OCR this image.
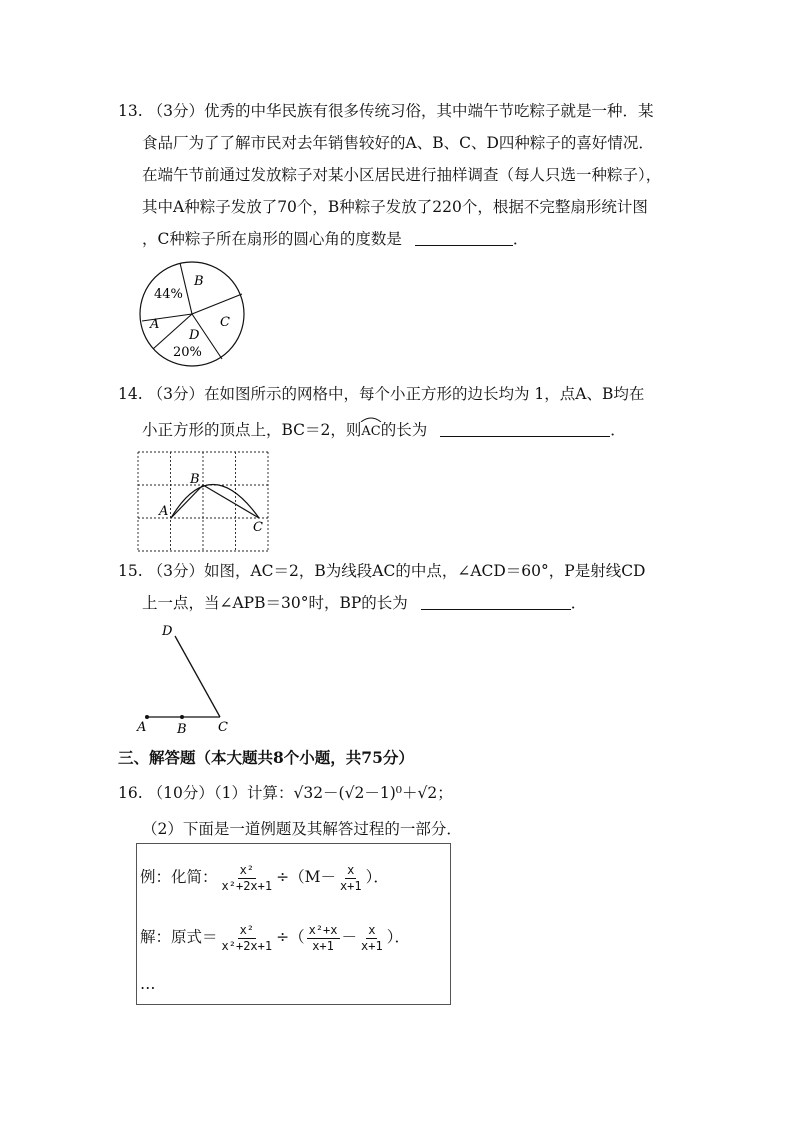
13. （3分）优秀的中华民族有很多传统习俗，其中端午节吃粽子就是一种．某
食品厂为了了解市民对去年销售较好的A、B、C、D四种粽子的喜好情况．
在端午节前通过发放粽子对某小区居民进行抽样调查（每人只选一种粽子），
其中A种粽子发放了70个，B种粽子发放了220个，根据不完整扇形统计图
，C种粽子所在扇形的圆心角的度数是	．
44%
B
A
D
20%
C
14. （3分）在如图所示的网格中，每个小正方形的边长均为 1，点A、B均在
小正方形的顶点上，BC＝2，则
AC的长为	．
A
B
C
15. （3分）如图，AC＝2，B为线段AC的中点，∠ACD＝60°，P是射线CD
上一点，当∠APB＝30°时，BP的长为	．
D
A B C
三、解答题（本大题共8个小题，共75分）
16. （10分）（1）计算：√32－(√2－1)⁰＋√2；
（2）下面是一道例题及其解答过程的一部分．
例：化简： $\frac{\text{x²}}{\text{x²+2x+1}} \div(M- \frac{x}{x+1}$ ）．
解：原式＝ $\frac{\text{x²}}{\text{x²+2x+1}}$ ÷（ $\frac{\text{x²+x}}{x+1} - \frac{x}{x+1}$ ）．
…
